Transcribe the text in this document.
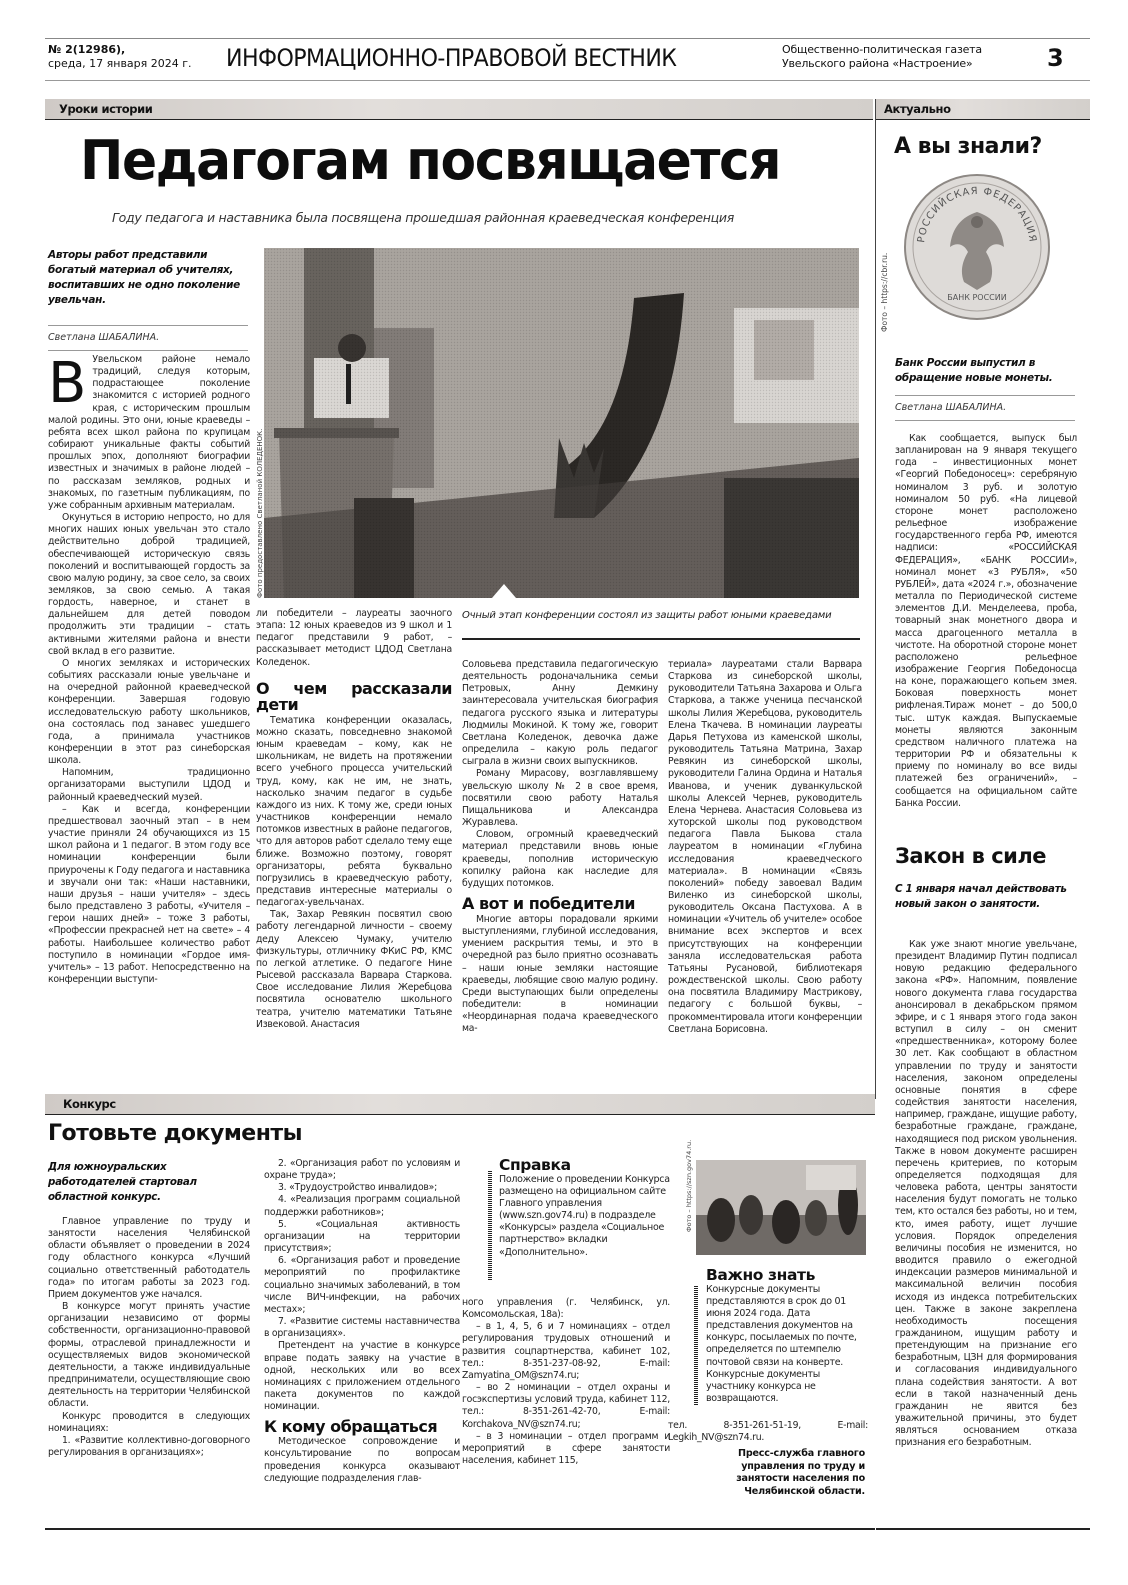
№ 2(12986),
среда, 17 января 2024 г. ИНФОРМАЦИОННО-ПРАВОВОЙ ВЕСТНИК	Общественно-политическая газета
Увельского района «Настроение»	3
Уроки истории	Актуально
Педагогам посвящается
Году педагога и наставника была посвящена прошедшая районная краеведческая конференция
Авторы работ представили богатый материал об учителях, воспитавших не одно поколение увельчан.
Светлана ШАБАЛИНА.
В Увельском районе немало традиций, следуя которым, подрастающее поколение знакомится с историей родного края, с историческим прошлым малой родины. Это они, юные краеведы – ребята всех школ района по крупицам собирают уникальные факты событий прошлых эпох, дополняют биографии известных и значимых в районе людей – по рассказам земляков, родных и знакомых, по газетным публикациям, по уже собранным архивным материалам.

Окунуться в историю непросто, но для многих наших юных увельчан это стало действительно доброй традицией, обеспечивающей историческую связь поколений и воспитывающей гордость за свою малую родину, за свое село, за своих земляков, за свою семью. А такая гордость, наверное, и станет в дальнейшем для детей поводом продолжить эти традиции – стать активными жителями района и внести свой вклад в его развитие.

О многих земляках и исторических событиях рассказали юные увельчане и на очередной районной краеведческой конференции. Завершая годовую исследовательскую работу школьников, она состоялась под занавес ушедшего года, а принимала участников конференции в этот раз синеборская школа.

Напомним, традиционно организаторами выступили ЦДОД и районный краеведческий музей.

– Как и всегда, конференции предшествовал заочный этап – в нем участие приняли 24 обучающихся из 15 школ района и 1 педагог. В этом году все номинации конференции были приурочены к Году педагога и наставника и звучали они так: «Наши наставники, наши друзья – наши учителя» – здесь было представлено 3 работы, «Учителя – герои наших дней» – тоже 3 работы, «Профессии прекрасней нет на свете» – 4 работы. Наибольшее количество работ поступило в номинации «Гордое имя-учитель» – 13 работ. Непосредственно на конференции выступи-

Фото предоставлено Светланой КОЛЕДЕНОК.
Очный этап конференции состоял из защиты работ юными краеведами

ли победители – лауреаты заочного этапа: 12 юных краеведов из 9 школ и 1 педагог представили 9 работ, – рассказывает методист ЦДОД Светлана Коледенок.

О чем рассказали дети

Тематика конференции оказалась, можно сказать, повседневно знакомой юным краеведам – кому, как не школьникам, не видеть на протяжении всего учебного процесса учительский труд, кому, как не им, не знать, насколько значим педагог в судьбе каждого из них. К тому же, среди юных участников конференции немало потомков известных в районе педагогов, что для авторов работ сделало тему еще ближе. Возможно поэтому, говорят организаторы, ребята буквально погрузились в краеведческую работу, представив интересные материалы о педагогах-увельчанах.

Так, Захар Ревякин посвятил свою работу легендарной личности – своему деду Алексею Чумаку, учителю физкультуры, отличнику ФКиС РФ, КМС по легкой атлетике. О педагоге Нине Рысевой рассказала Варвара Старкова. Свое исследование Лилия Жеребцова посвятила основателю школьного театра, учителю математики Татьяне Извековой. Анастасия

Соловьева представила педагогическую деятельность родоначальника семьи Петровых, Анну Демкину заинтересовала учительская биография педагога русского языка и литературы Людмилы Мокиной. К тому же, говорит Светлана Коледенок, девочка даже определила – какую роль педагог сыграла в жизни своих выпускников.

Роману Мирасову, возглавлявшему увельскую школу № 2 в свое время, посвятили свою работу Наталья Пищальникова и Александра Журавлева.

Словом, огромный краеведческий материал представили вновь юные краеведы, пополнив историческую копилку района как наследие для будущих потомков.

А вот и победители

Многие авторы порадовали яркими выступлениями, глубиной исследования, умением раскрытия темы, и это в очередной раз было приятно осознавать – наши юные земляки настоящие краеведы, любящие свою малую родину. Среди выступающих были определены победители: в номинации «Неординарная подача краеведческого ма-

териала» лауреатами стали Варвара Старкова из синеборской школы, руководители Татьяна Захарова и Ольга Старкова, а также ученица песчанской школы Лилия Жеребцова, руководитель Елена Ткачева. В номинации лауреаты Дарья Петухова из каменской школы, руководитель Татьяна Матрина, Захар Ревякин из синеборской школы, руководители Галина Ордина и Наталья Иванова, и ученик дуванкульской школы Алексей Чернев, руководитель Елена Чернева. Анастасия Соловьева из хуторской школы под руководством педагога Павла Быкова стала лауреатом в номинации «Глубина исследования краеведческого материала». В номинации «Связь поколений» победу завоевал Вадим Виленко из синеборской школы, руководитель Оксана Пастухова. А в номинации «Учитель об учителе» особое внимание всех экспертов и всех присутствующих на конференции заняла исследовательская работа Татьяны Русановой, библиотекаря рождественской школы. Свою работу она посвятила Владимиру Мастрикову, педагогу с большой буквы, – прокомментировала итоги конференции Светлана Борисовна.

А вы знали?
РОССИЙСКАЯ ФЕДЕРАЦИЯ
БАНК РОССИИ
Фото – https://cbr.ru.
Банк России выпустил в обращение новые монеты.
Светлана ШАБАЛИНА.

Как сообщается, выпуск был запланирован на 9 января текущего года – инвестиционных монет «Георгий Победоносец»: серебряную номиналом 3 руб. и золотую номиналом 50 руб. «На лицевой стороне монет расположено рельефное изображение государственного герба РФ, имеются надписи: «РОССИЙСКАЯ ФЕДЕРАЦИЯ», «БАНК РОССИИ», номинал монет «3 РУБЛЯ», «50 РУБЛЕЙ», дата «2024 г.», обозначение металла по Периодической системе элементов Д.И. Менделеева, проба, товарный знак монетного двора и масса драгоценного металла в чистоте. На оборотной стороне монет расположено рельефное изображение Георгия Победоносца на коне, поражающего копьем змея. Боковая поверхность монет рифленая.Тираж монет – до 500,0 тыс. штук каждая. Выпускаемые монеты являются законным средством наличного платежа на территории РФ и обязательны к приему по номиналу во все виды платежей без ограничений», – сообщается на официальном сайте Банка России.

Закон в силе
С 1 января начал действовать новый закон о занятости.

Как уже знают многие увельчане, президент Владимир Путин подписал новую редакцию федерального закона «РФ». Напомним, появление нового документа глава государства анонсировал в декабрьском прямом эфире, и с 1 января этого года закон вступил в силу – он сменит «предшественника», которому более 30 лет. Как сообщают в областном управлении по труду и занятости населения, законом определены основные понятия в сфере содействия занятости населения, например, граждане, ищущие работу, безработные граждане, граждане, находящиеся под риском увольнения. Также в новом документе расширен перечень критериев, по которым определяется подходящая для человека работа, центры занятости населения будут помогать не только тем, кто остался без работы, но и тем, кто, имея работу, ищет лучшие условия. Порядок определения величины пособия не изменится, но вводится правило о ежегодной индексации размеров минимальной и максимальной величин пособия исходя из индекса потребительских цен. Также в законе закреплена необходимость посещения гражданином, ищущим работу и претендующим на признание его безработным, ЦЗН для формирования и согласования индивидуального плана содействия занятости. А вот если в такой назначенный день гражданин не явится без уважительной причины, это будет являться основанием отказа признания его безработным.

Конкурс
Готовьте документы
Для южноуральских работодателей стартовал областной конкурс.

Главное управление по труду и занятости населения Челябинской области объявляет о проведении в 2024 году областного конкурса «Лучший социально ответственный работодатель года» по итогам работы за 2023 год. Прием документов уже начался.

В конкурсе могут принять участие организации независимо от формы собственности, организационно-правовой формы, отраслевой принадлежности и осуществляемых видов экономической деятельности, а также индивидуальные предприниматели, осуществляющие свою деятельность на территории Челябинской области.

Конкурс проводится в следующих номинациях:

1. «Развитие коллективно-договорного регулирования в организациях»;

2. «Организация работ по условиям и охране труда»;

3. «Трудоустройство инвалидов»;

4. «Реализация программ социальной поддержки работников»;

5. «Социальная активность организации на территории присутствия»;

6. «Организация работ и проведение мероприятий по профилактике социально значимых заболеваний, в том числе ВИЧ-инфекции, на рабочих местах»;

7. «Развитие системы наставничества в организациях».

Претендент на участие в конкурсе вправе подать заявку на участие в одной, нескольких или во всех номинациях с приложением отдельного пакета документов по каждой номинации.

К кому обращаться

Методическое сопровождение и консультирование по вопросам проведения конкурса оказывают следующие подразделения глав-

Справка
Положение о проведении Конкурса размещено на официальном сайте Главного управления (www.szn.gov74.ru) в подразделе «Конкурсы» раздела «Социальное партнерство» вкладки «Дополнительно».

ного управления (г. Челябинск, ул. Комсомольская, 18а):

– в 1, 4, 5, 6 и 7 номинациях – отдел регулирования трудовых отношений и развития соцпартнерства, кабинет 102, тел.: 8-351-237-08-92, E-mail: Zamyatina_OM@szn74.ru;

– во 2 номинации – отдел охраны и госэкспертизы условий труда, кабинет 112, тел.: 8-351-261-42-70, E-mail: Korchakova_NV@szn74.ru;

– в 3 номинации – отдел программ и мероприятий в сфере занятости населения, кабинет 115,

Фото – https://szn.gov74.ru.
Важно знать
Конкурсные документы представляются в срок до 01 июня 2024 года. Дата представления документов на конкурс, посылаемых по почте, определяется по штемпелю почтовой связи на конверте. Конкурсные документы участнику конкурса не возвращаются.

тел. 8-351-261-51-19, E-mail: Legkih_NV@szn74.ru.

Пресс-служба главного управления по труду и занятости населения по Челябинской области.
